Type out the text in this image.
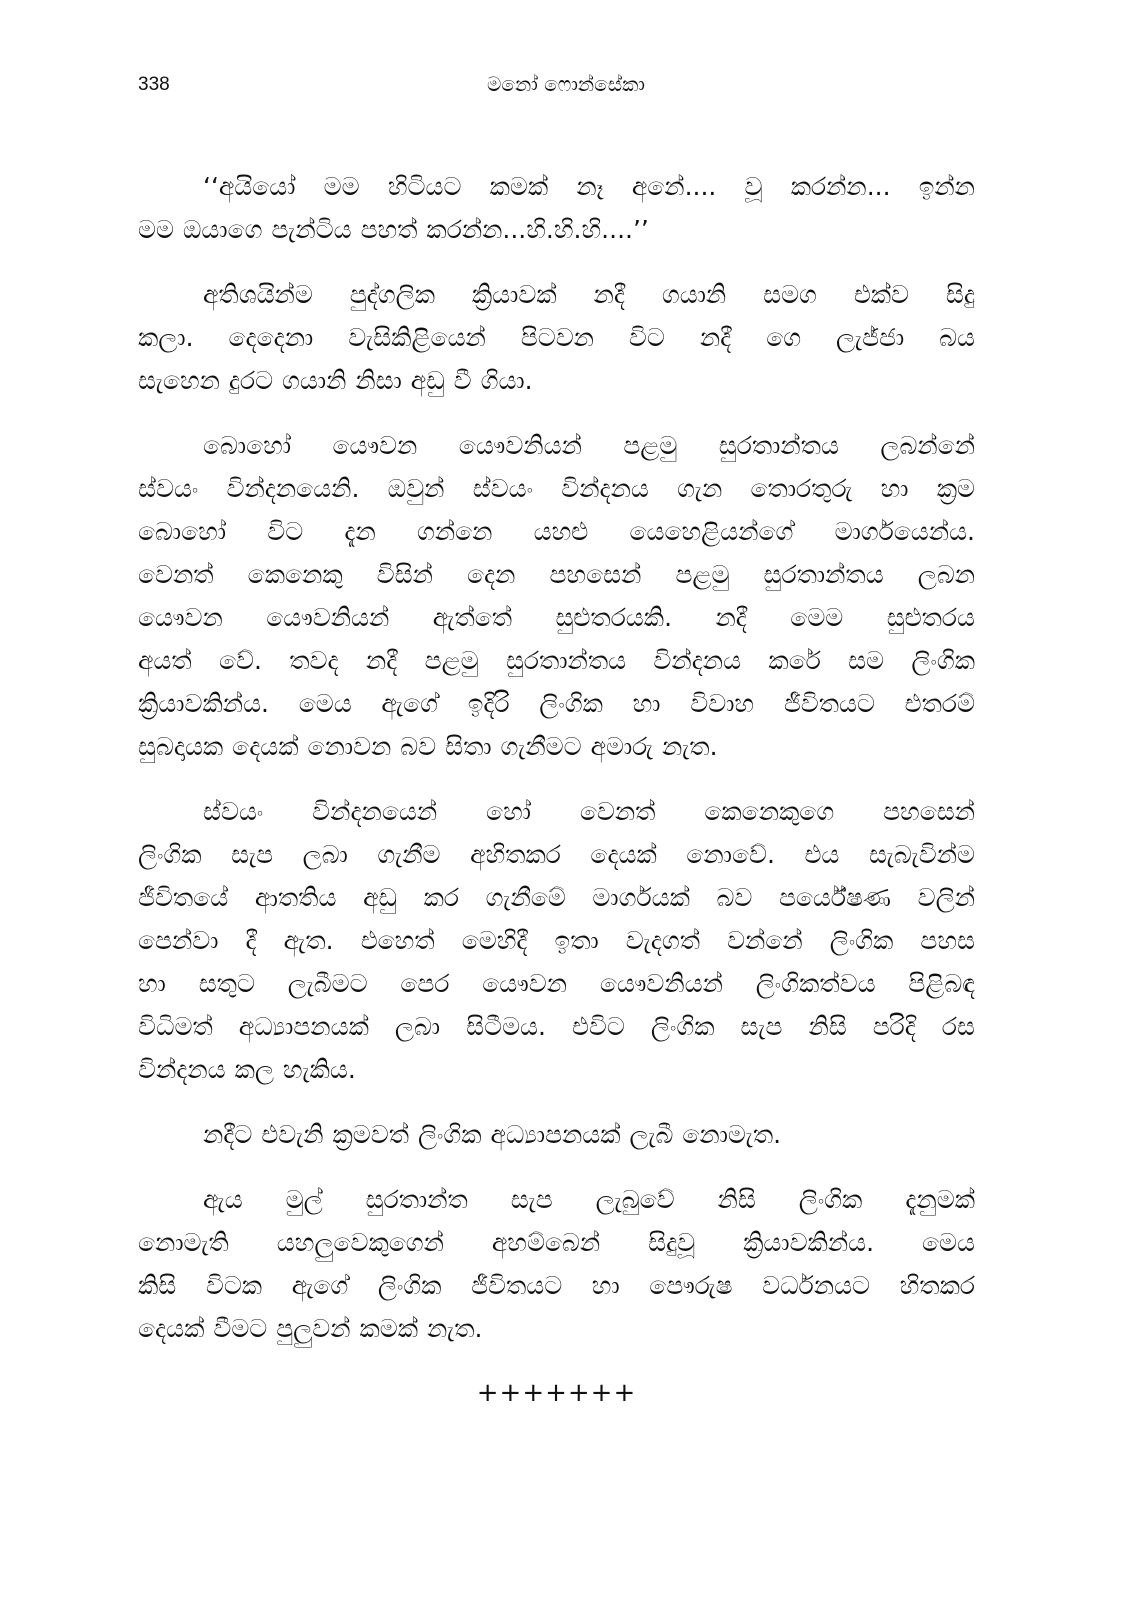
338	මනෝ ෆොන්සේකා
‘‘අයියෝ මම හිටියට කමක් නෑ අනේ.... වූ කරන්න... ඉන්න
මම ඔයාගෙ පැන්ටිය පහත් කරන්න...හි.හි.හි....’’
අතිශයින්ම පුද්ගලික ක්‍රියාවක් නදී ගයානි සමග එක්ව සිදු
කලා. දෙදෙනා වැසිකිළියෙන් පිටවන විට නදී ගෙ ලැජ්ජා බය
සැහෙන දුරට ගයානි නිසා අඩු වී ගියා.
බොහෝ යෞවන යෞවනියන් පළමු සුරතාන්තය ලබන්නේ
ස්වයං වින්දනයෙනි. ඔවුන් ස්වයං වින්දනය ගැන තොරතුරු හා ක්‍රම
බොහෝ විට දැන ගන්නෙ යහළු යෙහෙළියන්ගේ මාර්ගයෙන්ය.
වෙනත් කෙනෙකු විසින් දෙන පහසෙන් පළමු සුරතාන්තය ලබන
යෞවන යෞවනියන් ඇත්තේ සුළුතරයකි. නදී මෙම සුළුතරය
අයත් වේ. තවද නදී පළමු සුරතාන්තය වින්දනය කරේ සම ලිංගික
ක්‍රියාවකින්ය. මෙය ඇගේ ඉදිරි ලිංගික හා විවාහ ජීවිතයට එතරම්
සුබදායක දෙයක් නොවන බව සිතා ගැනීමට අමාරු නැත.
ස්වයං වින්දනයෙන් හෝ වෙනත් කෙනෙකුගෙ පහසෙන්
ලිංගික සැප ලබා ගැනීම අහිතකර දෙයක් නොවේ. එය සැබැවින්ම
ජීවිතයේ ආතතිය අඩු කර ගැනීමේ මාර්ගයක් බව පර්යේෂණ වලින්
පෙන්වා දී ඇත. එහෙත් මෙහිදී ඉතා වැදගත් වන්නේ ලිංගික පහස
හා සතුට ලැබීමට පෙර යෞවන යෞවනියන් ලිංගිකත්වය පිළිබඳ
විධිමත් අධ්‍යාපනයක් ලබා සිටීමය. එවිට ලිංගික සැප නිසි පරිදි රස
වින්දනය කල හැකිය.
නදීට එවැනි ක්‍රමවත් ලිංගික අධ්‍යාපනයක් ලැබී නොමැත.
ඇය මුල් සුරතාන්ත සැප ලැබුවේ නිසි ලිංගික දැනුමක්
නොමැති යහලුවෙකුගෙන් අහම්බෙන් සිදුවූ ක්‍රියාවකින්ය. මෙය
කිසි විටක ඇගේ ලිංගික ජීවිතයට හා පෞරුෂ වර්ධනයට හිතකර
දෙයක් වීමට පුලුවන් කමක් නැත.
+++++++
